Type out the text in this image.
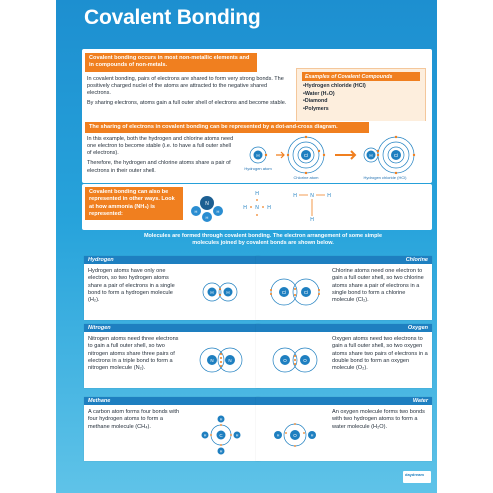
Covalent Bonding
Covalent bonding occurs in most non-metallic elements and in compounds of non-metals.

In covalent bonding, pairs of electrons are shared to form very strong bonds. The positively charged nuclei of the atoms are attracted to the negative shared electrons.

By sharing electrons, atoms gain a full outer shell of electrons and become stable.

Examples of Covalent Compounds
• Hydrogen chloride (HCl)
• Water (H₂O)
• Diamond
• Polymers
The sharing of electrons in covalent bonding can be represented by a dot-and-cross diagram.

In this example, both the hydrogen and chlorine atoms need one electron to become stable (i.e. to have a full outer shell of electrons).

Therefore, the hydrogen and chlorine atoms share a pair of electrons in their outer shell.

H	Cl	H	Cl
Hydrogen atom
Chlorine atom	Hydrogen chloride (HCl)
Covalent bonding can also be represented in other ways. Look at how ammonia (NH₃) is represented:
N
H
H	H
H
H N H
H	N	H
H
Molecules are formed through covalent bonding. The electron arrangement of some simple molecules joined by covalent bonds are shown below.
Hydrogen
Hydrogen atoms have only one electron, so two hydrogen atoms share a pair of electrons in a single bond to form a hydrogen molecule (H₂).
H	H
Chlorine
Chlorine atoms need one electron to gain a full outer shell, so two chlorine atoms share a pair of electrons in a single bond to form a chlorine molecule (Cl₂).
Cl	Cl
Nitrogen
Nitrogen atoms need three electrons to gain a full outer shell, so two nitrogen atoms share three pairs of electrons in a triple bond to form a nitrogen molecule (N₂).
N	N
Oxygen
Oxygen atoms need two electrons to gain a full outer shell, so two oxygen atoms share two pairs of electrons in a double bond to form an oxygen molecule (O₂).
O	O
Methane
A carbon atom forms four bonds with four hydrogen atoms to form a methane molecule (CH₄).
C
H
H
H	H
Water
An oxygen molecule forms two bonds with two hydrogen atoms to form a water molecule (H₂O).
O
H	H
daydream
